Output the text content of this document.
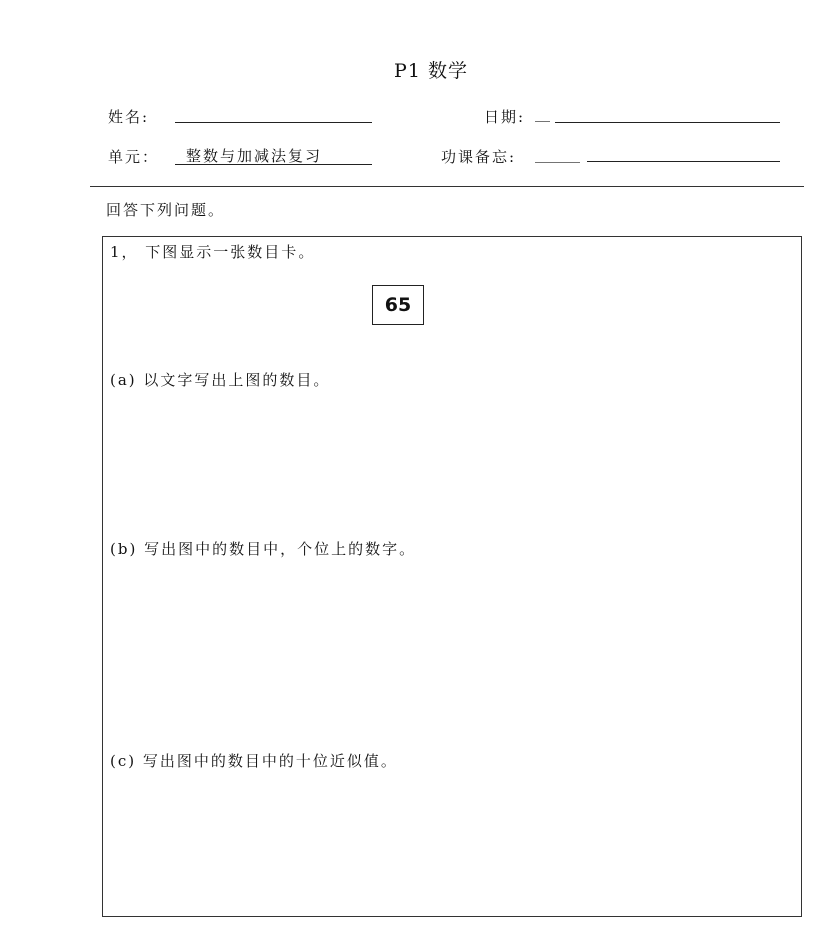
P1 数学
姓名:	日期: __
单元： 整数与加减法复习	功课备忘: ______
回答下列问题。
1， 下图显示一张数目卡。
65
(a) 以文字写出上图的数目。
(b) 写出图中的数目中，个位上的数字。
(c) 写出图中的数目中的十位近似值。
